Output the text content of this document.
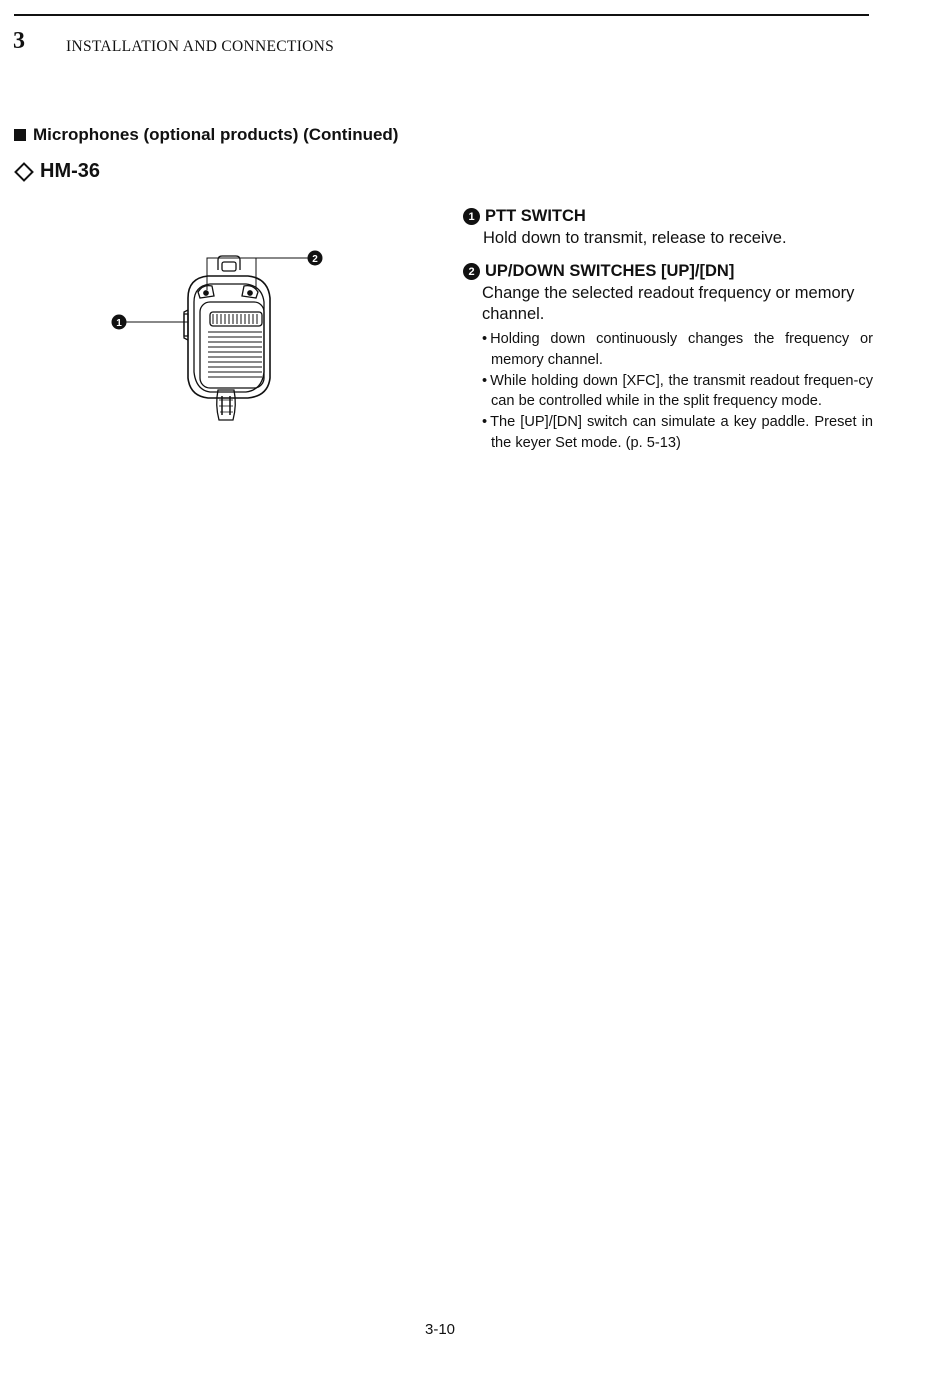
3	INSTALLATION AND CONNECTIONS
Microphones (optional products) (Continued)
HM-36
1
2
1 PTT SWITCH
Hold down to transmit, release to receive.
2 UP/DOWN SWITCHES [UP]/[DN]
Change the selected readout frequency or memory channel.
• Holding down continuously changes the frequency or memory channel.
• While holding down [XFC], the transmit readout frequen-cy can be controlled while in the split frequency mode.
• The [UP]/[DN] switch can simulate a key paddle. Preset in the keyer Set mode. (p. 5-13)
3-10
